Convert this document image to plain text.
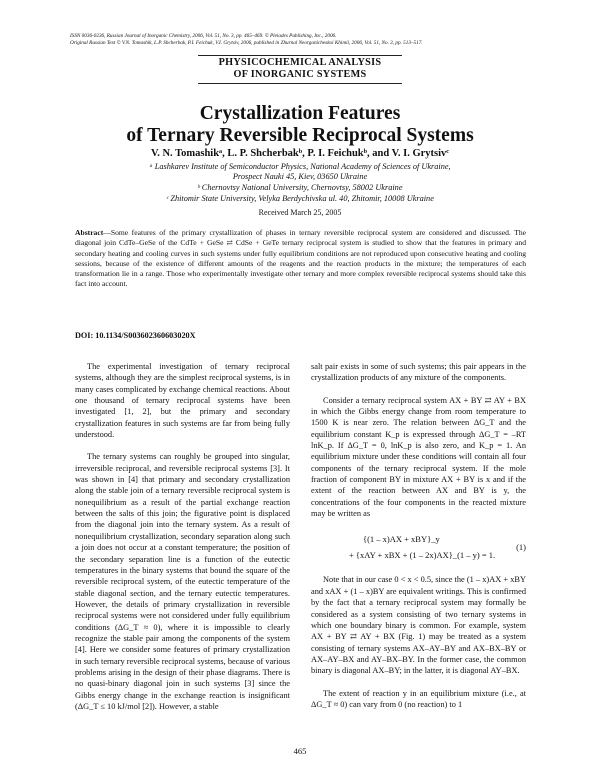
ISSN 0036-0236, Russian Journal of Inorganic Chemistry, 2006, Vol. 51, No. 3, pp. 465–469. © Pleiades Publishing, Inc., 2006.
Original Russian Text © V.N. Tomashik, L.P. Shcherbak, P.I. Feichuk, V.I. Grytsiv, 2006, published in Zhurnal Neorganicheskoi Khimii, 2006, Vol. 51, No. 3, pp. 513–517.
PHYSICOCHEMICAL ANALYSIS
OF INORGANIC SYSTEMS
Crystallization Features
of Ternary Reversible Reciprocal Systems
V. N. Tomashikᵃ, L. P. Shcherbakᵇ, P. I. Feichukᵇ, and V. I. Grytsivᶜ
ᵃ Lashkarev Institute of Semiconductor Physics, National Academy of Sciences of Ukraine,
Prospect Nauki 45, Kiev, 03650 Ukraine
ᵇ Chernovtsy National University, Chernovtsy, 58002 Ukraine
ᶜ Zhitomir State University, Velyka Berdychivska ul. 40, Zhitomir, 10008 Ukraine
Received March 25, 2005
Abstract—Some features of the primary crystallization of phases in ternary reversible reciprocal system are considered and discussed. The diagonal join CdTe–GeSe of the CdTe + GeSe ⇄ CdSe + GeTe ternary reciprocal system is studied to show that the features in primary and secondary heating and cooling curves in such systems under fully equilibrium conditions are not reproduced upon consecutive heating and cooling sessions, because of the existence of different amounts of the reagents and the reaction products in the mixture; the temperatures of each transformation lie in a range. Those who experimentally investigate other ternary and more complex reversible reciprocal systems should take this fact into account.
DOI: 10.1134/S003602360603020X

The experimental investigation of ternary reciprocal systems, although they are the simplest reciprocal systems, is in many cases complicated by exchange chemical reactions. About one thousand of ternary reciprocal systems have been investigated [1, 2], but the primary and secondary crystallization features in such systems are far from being fully understood.

The ternary systems can roughly be grouped into singular, irreversible reciprocal, and reversible reciprocal systems [3]. It was shown in [4] that primary and secondary crystallization along the stable join of a ternary reversible reciprocal system is nonequilibrium as a result of the partial exchange reaction between the salts of this join; the figurative point is displaced from the diagonal join into the ternary system. As a result of nonequilibrium crystallization, secondary separation along such a join does not occur at a constant temperature; the position of the secondary separation line is a function of the eutectic temperatures in the binary systems that bound the square of the reversible reciprocal system, of the eutectic temperature of the stable diagonal section, and the ternary eutectic temperatures. However, the details of primary crystallization in reversible reciprocal systems were not considered under fully equilibrium conditions (ΔG_T ≈ 0), where it is impossible to clearly recognize the stable pair among the components of the system [4]. Here we consider some features of primary crystallization in such ternary reversible reciprocal systems, because of various problems arising in the design of their phase diagrams. There is no quasi-binary diagonal join in such systems [3] since the Gibbs energy change in the exchange reaction is insignificant (ΔG_T ≤ 10 kJ/mol [2]). However, a stable

salt pair exists in some of such systems; this pair appears in the crystallization products of any mixture of the components.

Consider a ternary reciprocal system AX + BY ⇄ AY + BX in which the Gibbs energy change from room temperature to 1500 K is near zero. The relation between ΔG_T and the equilibrium constant K_p is expressed through ΔG_T = –RT lnK_p. If ΔG_T = 0, lnK_p is also zero, and K_p = 1. An equilibrium mixture under these conditions will contain all four components of the ternary reciprocal system. If the mole fraction of component BY in mixture AX + BY is x and if the extent of the reaction between AX and BY is y, the concentrations of the four components in the reacted mixture may be written as

{(1 – x)AX + xBY}_y
+ {xAY + xBX + (1 – 2x)AX}_(1 – y) = 1.
(1)

Note that in our case 0 < x < 0.5, since the (1 – x)AX + xBY and xAX + (1 – x)BY are equivalent writings. This is confirmed by the fact that a ternary reciprocal system may formally be considered as a system consisting of two ternary systems in which one boundary binary is common. For example, system AX + BY ⇄ AY + BX (Fig. 1) may be treated as a system consisting of ternary systems AX–AY–BY and AX–BX–BY or AX–AY–BX and AY–BX–BY. In the former case, the common binary is diagonal AX–BY; in the latter, it is diagonal AY–BX.

The extent of reaction y in an equilibrium mixture (i.e., at ΔG_T ≈ 0) can vary from 0 (no reaction) to 1

465
